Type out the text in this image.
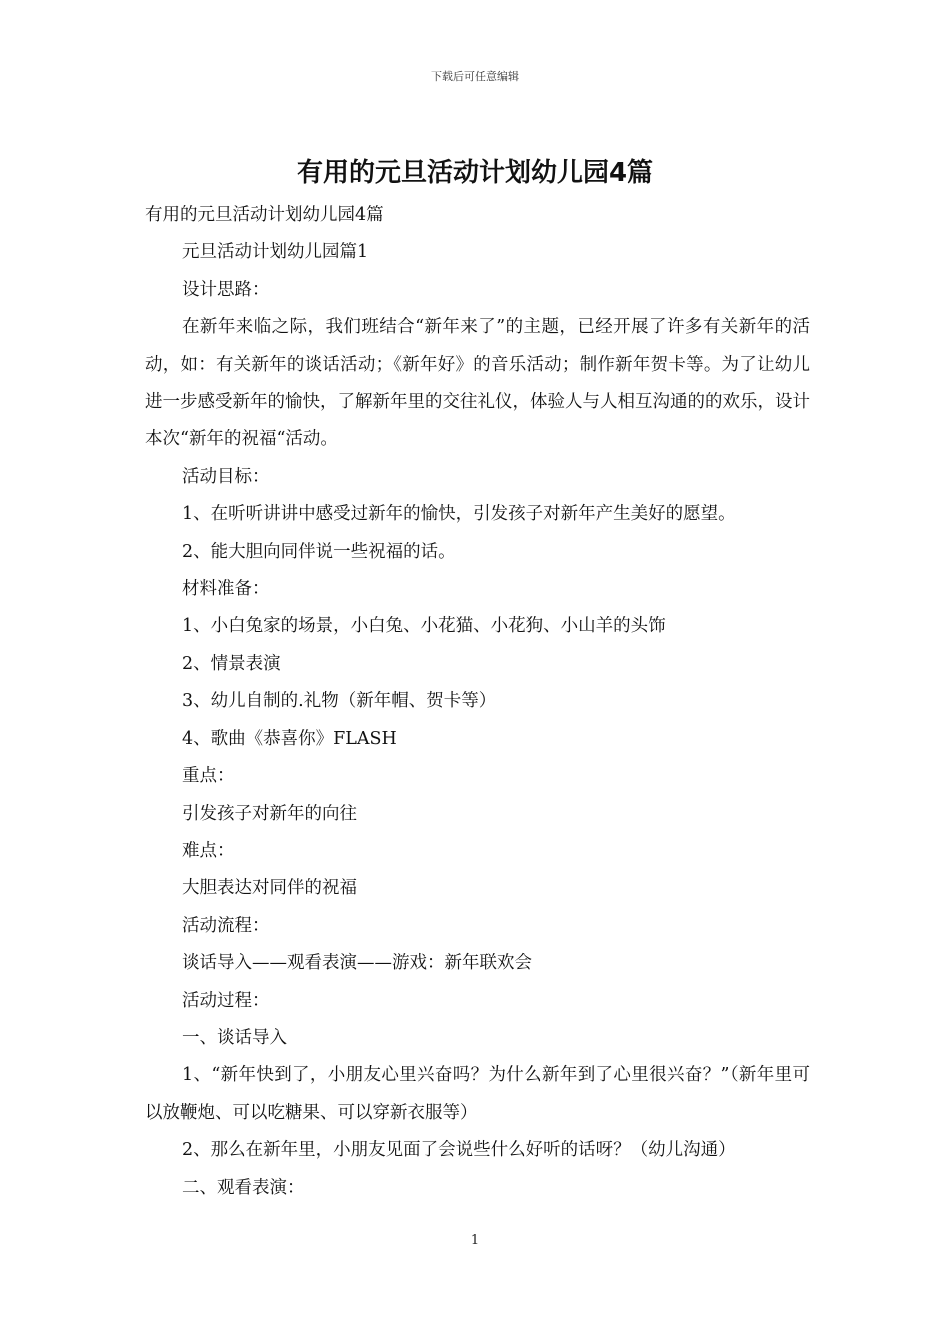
下载后可任意编辑
有用的元旦活动计划幼儿园4篇

有用的元旦活动计划幼儿园4篇

元旦活动计划幼儿园篇1

设计思路：

在新年来临之际，我们班结合“新年来了”的主题，已经开展了许多有关新年的活动，如：有关新年的谈话活动；《新年好》的音乐活动；制作新年贺卡等。为了让幼儿进一步感受新年的愉快，了解新年里的交往礼仪，体验人与人相互沟通的的欢乐，设计本次“新年的祝福“活动。

活动目标：

1、在听听讲讲中感受过新年的愉快，引发孩子对新年产生美好的愿望。

2、能大胆向同伴说一些祝福的话。

材料准备：

1、小白兔家的场景，小白兔、小花猫、小花狗、小山羊的头饰

2、情景表演

3、幼儿自制的.礼物（新年帽、贺卡等）

4、歌曲《恭喜你》FLASH

重点：

引发孩子对新年的向往

难点：

大胆表达对同伴的祝福

活动流程：

谈话导入——观看表演——游戏：新年联欢会

活动过程：

一、谈话导入

1、“新年快到了，小朋友心里兴奋吗？为什么新年到了心里很兴奋？”（新年里可以放鞭炮、可以吃糖果、可以穿新衣服等）

2、那么在新年里，小朋友见面了会说些什么好听的话呀？（幼儿沟通）

二、观看表演：

1
